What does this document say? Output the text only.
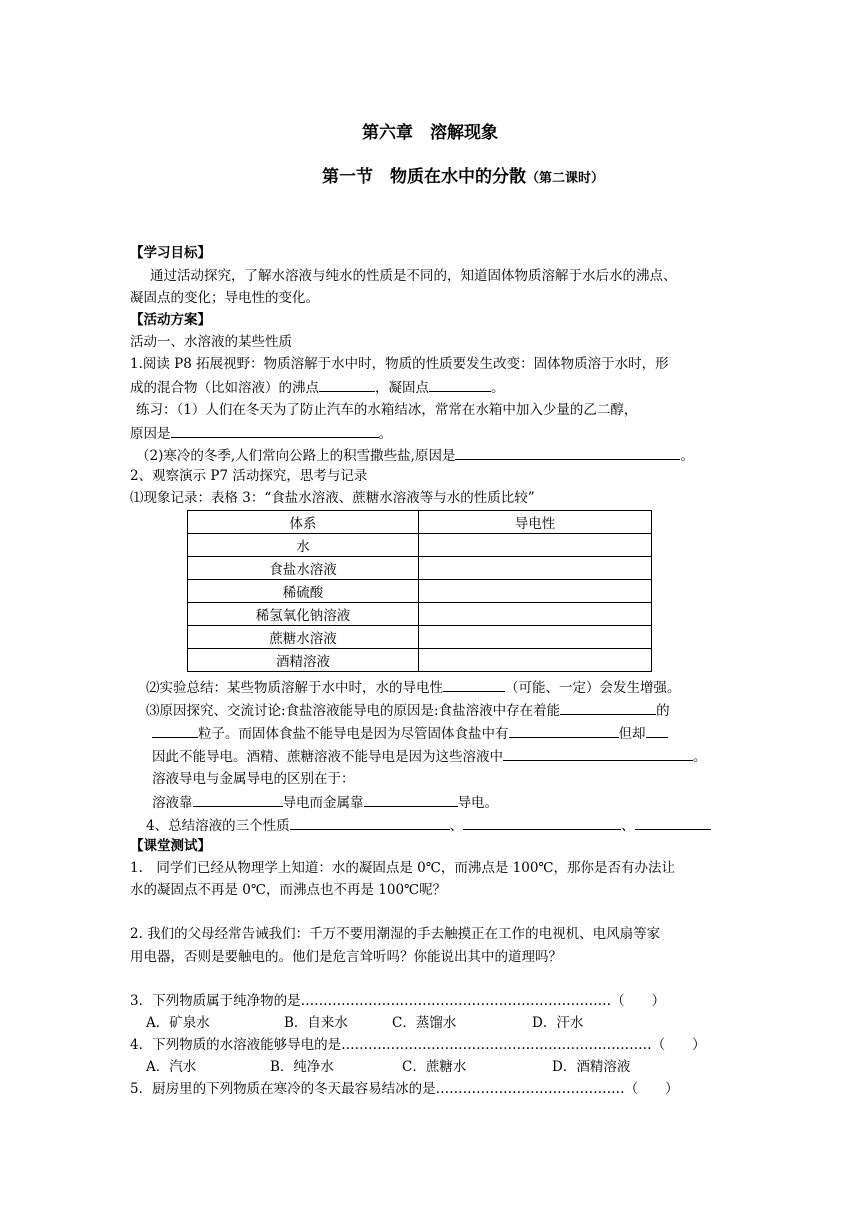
第六章　溶解现象
第一节　物质在水中的分散（第二课时）
【学习目标】
通过活动探究，了解水溶液与纯水的性质是不同的，知道固体物质溶解于水后水的沸点、
凝固点的变化；导电性的变化。
【活动方案】
活动一、水溶液的某些性质
1.阅读 P8 拓展视野：物质溶解于水中时，物质的性质要发生改变：固体物质溶于水时，形
成的混合物（比如溶液）的沸点	，凝固点	。
练习：（1）人们在冬天为了防止汽车的水箱结冰，常常在水箱中加入少量的乙二醇，
原因是	。
（2)寒冷的冬季,人们常向公路上的积雪撒些盐,原因是	。
2、观察演示 P7 活动探究，思考与记录
⑴现象记录：表格 3：“食盐水溶液、蔗糖水溶液等与水的性质比较”
体系	导电性
水	
食盐水溶液	
稀硫酸	
稀氢氧化钠溶液	
蔗糖水溶液	
酒精溶液	
⑵实验总结：某些物质溶解于水中时，水的导电性	（可能、一定）会发生增强。
⑶原因探究、交流讨论:食盐溶液能导电的原因是:食盐溶液中存在着能	的
粒子。而固体食盐不能导电是因为尽管固体食盐中有	但却
因此不能导电。酒精、蔗糖溶液不能导电是因为这些溶液中	。
溶液导电与金属导电的区别在于：
溶液靠	导电而金属靠	导电。
4、总结溶液的三个性质	、	、
【课堂测试】
1.　同学们已经从物理学上知道：水的凝固点是 0℃，而沸点是 100℃，那你是否有办法让
水的凝固点不再是 0℃，而沸点也不再是 100℃呢？
2. 我们的父母经常告诫我们：千万不要用潮湿的手去触摸正在工作的电视机、电风扇等家
用电器，否则是要触电的。他们是危言耸听吗？你能说出其中的道理吗？
3．下列物质属于纯净物的是……………………………………………………………（　　）
A．矿泉水	B．自来水	C．蒸馏水	D．汗水
4．下列物质的水溶液能够导电的是……………………………………………………………（　　）
A．汽水	B．纯净水	C．蔗糖水	D．酒精溶液
5．厨房里的下列物质在寒冷的冬天最容易结冰的是……………………………………（　　）
